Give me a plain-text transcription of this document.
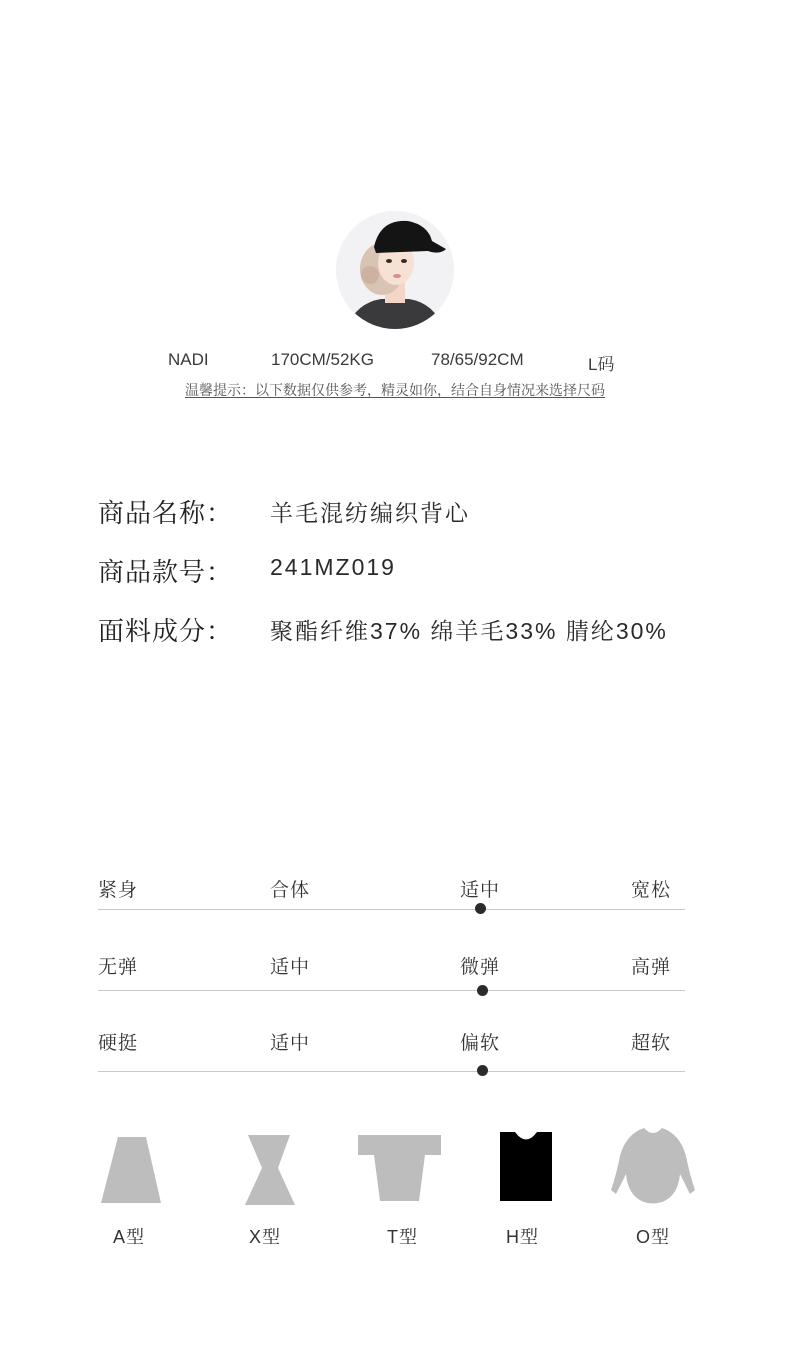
NADI	170CM/52KG	78/65/92CM	L码
温馨提示：以下数据仅供参考，精灵如你，结合自身情况来选择尺码
商品名称： 羊毛混纺编织背心
商品款号： 241MZ019
面料成分： 聚酯纤维37% 绵羊毛33% 腈纶30%
紧身	合体	适中	宽松
无弹	适中	微弹	高弹
硬挺	适中	偏软	超软
A型	X型	T型	H型	O型
